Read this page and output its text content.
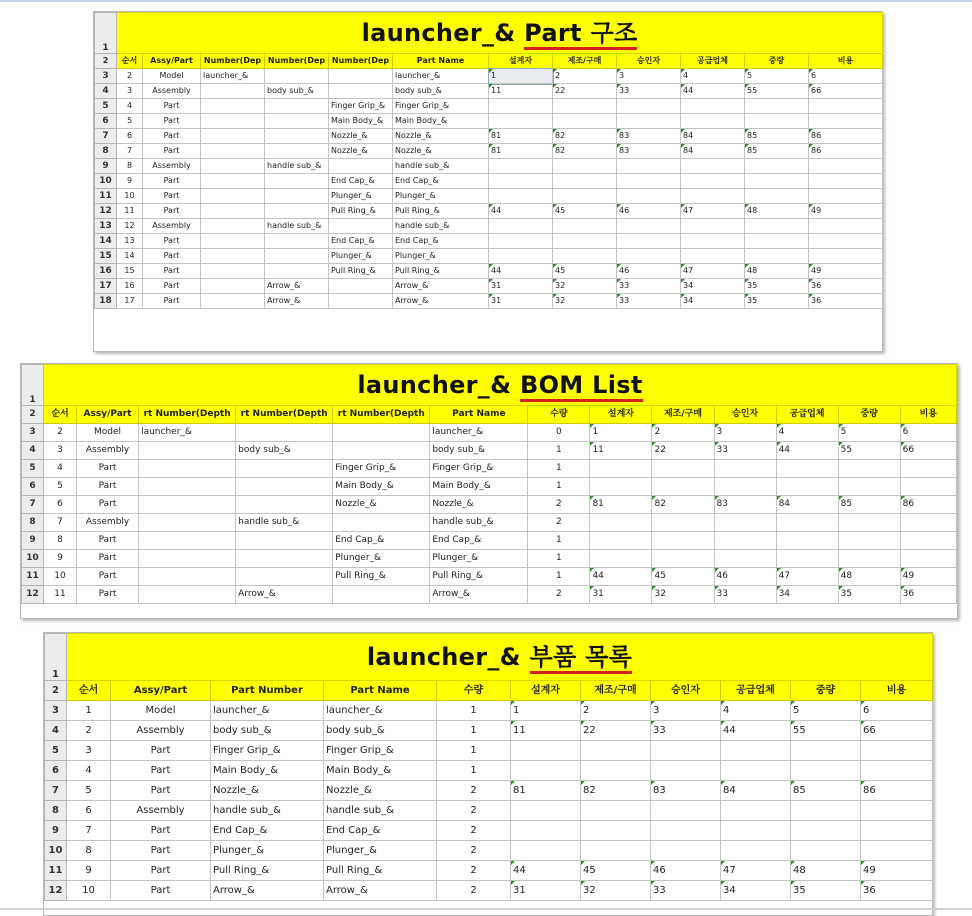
1	launcher_& Part 구조											
2	순서	Assy/Part	Number(Dep	Number(Dep	Number(Dep	Part Name	설계자	제조/구매	승인자	공급업체	중량	비용
3	2	Model	launcher_&			launcher_&	1	2	3	4	5	6
4	3	Assembly		body sub_&		body sub_&	11	22	33	44	55	66
5	4	Part			Finger Grip_&	Finger Grip_&						
6	5	Part			Main Body_&	Main Body_&						
7	6	Part			Nozzle_&	Nozzle_&	81	82	83	84	85	86
8	7	Part			Nozzle_&	Nozzle_&	81	82	83	84	85	86
9	8	Assembly		handle sub_&		handle sub_&						
10	9	Part			End Cap_&	End Cap_&						
11	10	Part			Plunger_&	Plunger_&						
12	11	Part			Pull Ring_&	Pull Ring_&	44	45	46	47	48	49
13	12	Assembly		handle sub_&		handle sub_&						
14	13	Part			End Cap_&	End Cap_&						
15	14	Part			Plunger_&	Plunger_&						
16	15	Part			Pull Ring_&	Pull Ring_&	44	45	46	47	48	49
17	16	Part		Arrow_&		Arrow_&	31	32	33	34	35	36
18	17	Part		Arrow_&		Arrow_&	31	32	33	34	35	36
1	launcher_& BOM List												
2	순서	Assy/Part	rt Number(Depth	rt Number(Depth	rt Number(Depth	Part Name	수량	설계자	제조/구매	승인자	공급업체	중량	비용
3	2	Model	launcher_&			launcher_&	0	1	2	3	4	5	6
4	3	Assembly		body sub_&		body sub_&	1	11	22	33	44	55	66
5	4	Part			Finger Grip_&	Finger Grip_&	1						
6	5	Part			Main Body_&	Main Body_&	1						
7	6	Part			Nozzle_&	Nozzle_&	2	81	82	83	84	85	86
8	7	Assembly		handle sub_&		handle sub_&	2						
9	8	Part			End Cap_&	End Cap_&	1						
10	9	Part			Plunger_&	Plunger_&	1						
11	10	Part			Pull Ring_&	Pull Ring_&	1	44	45	46	47	48	49
12	11	Part		Arrow_&		Arrow_&	2	31	32	33	34	35	36
1	launcher_& 부품 목록										
2	순서	Assy/Part	Part Number	Part Name	수량	설계자	제조/구매	승인자	공급업체	중량	비용
3	1	Model	launcher_&	launcher_&	1	1	2	3	4	5	6
4	2	Assembly	body sub_&	body sub_&	1	11	22	33	44	55	66
5	3	Part	Finger Grip_&	Finger Grip_&	1						
6	4	Part	Main Body_&	Main Body_&	1						
7	5	Part	Nozzle_&	Nozzle_&	2	81	82	83	84	85	86
8	6	Assembly	handle sub_&	handle sub_&	2						
9	7	Part	End Cap_&	End Cap_&	2						
10	8	Part	Plunger_&	Plunger_&	2						
11	9	Part	Pull Ring_&	Pull Ring_&	2	44	45	46	47	48	49
12	10	Part	Arrow_&	Arrow_&	2	31	32	33	34	35	36
